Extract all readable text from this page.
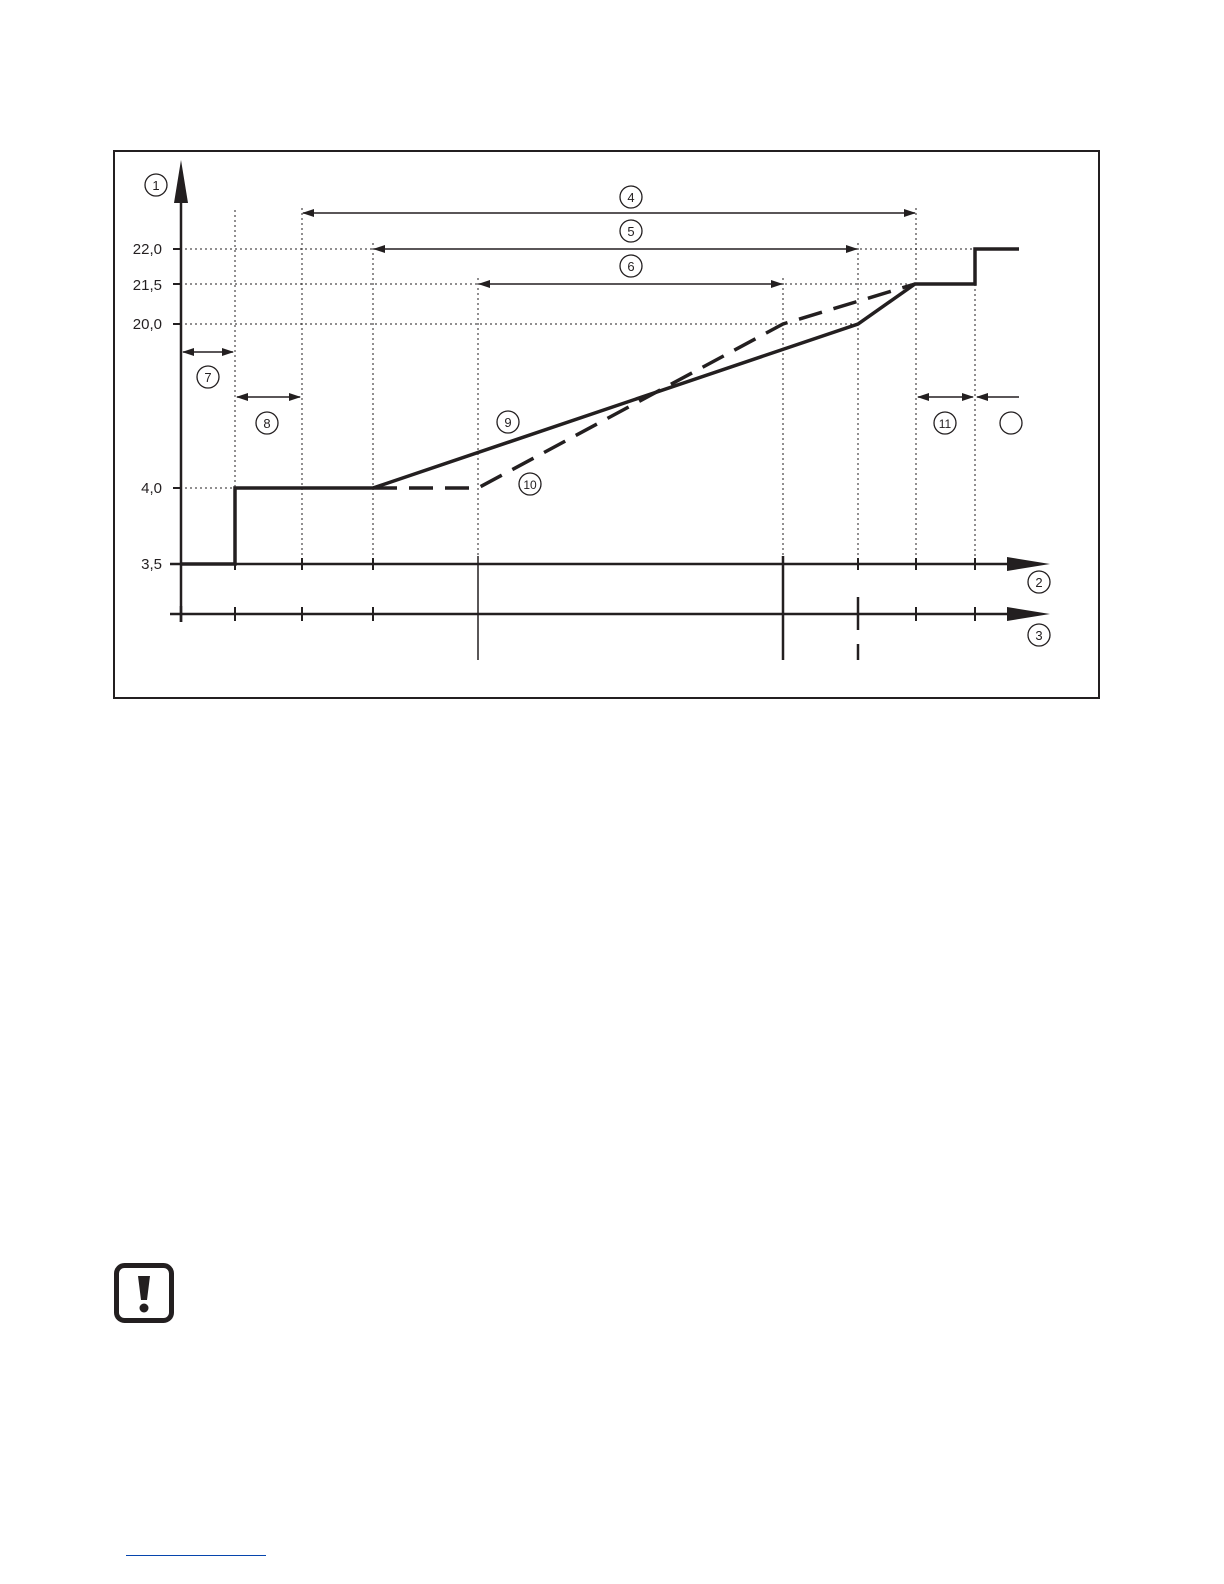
22,0
21,5
20,0
4,0
3,5
1
2
3
4
5
6
7
8	9
10
11
